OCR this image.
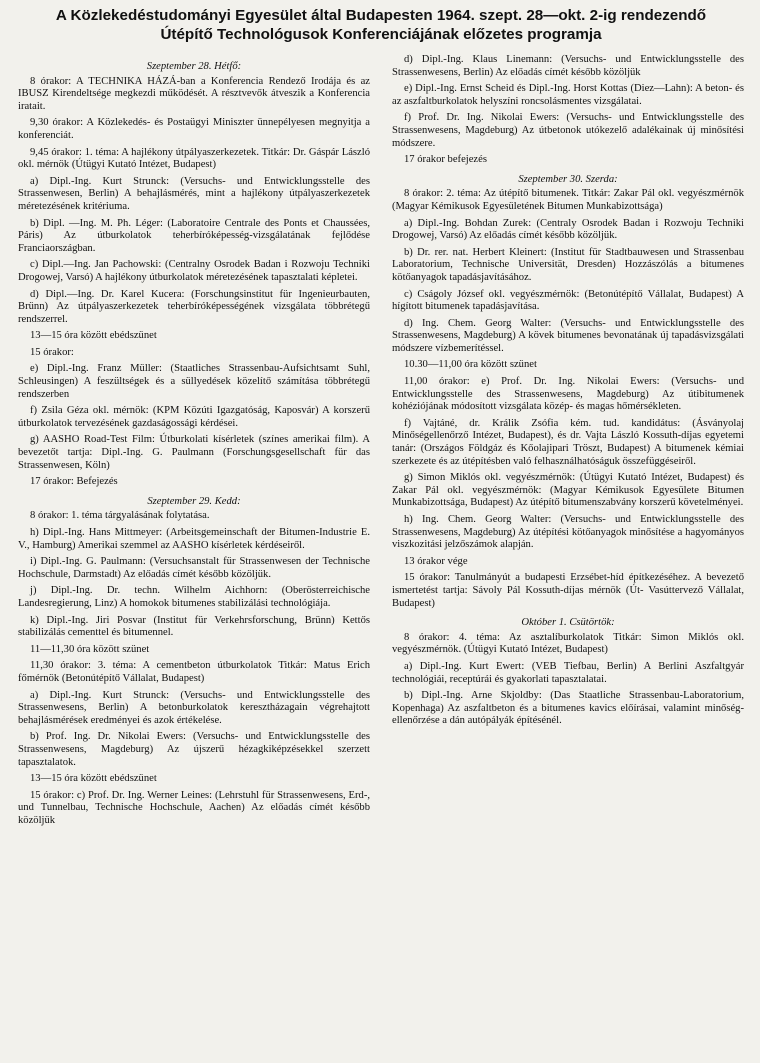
A Közlekedéstudományi Egyesület által Budapesten 1964. szept. 28—okt. 2-ig rendezendő
Útépítő Technológusok Konferenciájának előzetes programja
Szeptember 28. Hétfő:

8 órakor: A TECHNIKA HÁZÁ-ban a Konferencia Rendező Irodája és az IBUSZ Kirendeltsége megkezdi működését. A résztvevők átveszik a Konferencia iratait.

9,30 órakor: A Közlekedés- és Postaügyi Miniszter ünnepélyesen megnyitja a konferenciát.

9,45 órakor: 1. téma: A hajlékony útpályaszerkezetek. Titkár: Dr. Gáspár László okl. mérnök (Útügyi Kutató Intézet, Budapest)

a) Dipl.-Ing. Kurt Strunck: (Versuchs- und Entwicklungsstelle des Strassenwesen, Berlin) A behajlásmérés, mint a hajlékony útpályaszerkezetek méretezésének kritériuma.

b) Dipl. —Ing. M. Ph. Léger: (Laboratoire Centrale des Ponts et Chaussées, Páris) Az útburkolatok teherbíróképesség-vizsgálatának fejlődése Franciaországban.

c) Dipl.—Ing. Jan Pachowski: (Centralny Osrodek Badan i Rozwoju Techniki Drogowej, Varsó) A hajlékony útburkolatok méretezésének tapasztalati képletei.

d) Dipl.—Ing. Dr. Karel Kucera: (Forschungsinstitut für Ingenieurbauten, Brünn) Az útpályaszerkezetek teherbíróképességének vizsgálata többrétegű rendszerrel.

13—15 óra között ebédszünet

15 órakor:

e) Dipl.-Ing. Franz Müller: (Staatliches Strassenbau-Aufsichtsamt Suhl, Schleusingen) A feszültségek és a süllyedések közelítő számítása többrétegű rendszerben

f) Zsila Géza okl. mérnök: (KPM Közúti Igazgatóság, Kaposvár) A korszerű útburkolatok tervezésének gazdaságossági kérdései.

g) AASHO Road-Test Film: Útburkolati kísérletek (színes amerikai film). A bevezetőt tartja: Dipl.-Ing. G. Paulmann (Forschungsgesellschaft für das Strassenwesen, Köln)

17 órakor: Befejezés

Szeptember 29. Kedd:

8 órakor: 1. téma tárgyalásának folytatása.

h) Dipl.-Ing. Hans Mittmeyer: (Arbeitsgemeinschaft der Bitumen-Industrie E. V., Hamburg) Amerikai szemmel az AASHO kísérletek kérdéseiről.

i) Dipl.-Ing. G. Paulmann: (Versuchsanstalt für Strassenwesen der Technische Hochschule, Darmstadt) Az előadás címét később közöljük.

j) Dipl.-Ing. Dr. techn. Wilhelm Aichhorn: (Oberösterreichische Landesregierung, Linz) A homokok bitumenes stabilizálási technológiája.

k) Dipl.-Ing. Jiri Posvar (Institut für Verkehrsforschung, Brünn) Kettős stabilizálás cementtel és bitumennel.

11—11,30 óra között szünet

11,30 órakor: 3. téma: A cementbeton útburkolatok Titkár: Matus Erich főmérnök (Betonútépítő Vállalat, Budapest)

a) Dipl.-Ing. Kurt Strunck: (Versuchs- und Entwicklungsstelle des Strassenwesens, Berlin) A betonburkolatok keresztházagain végrehajtott behajlásmérések eredményei és azok értékelése.

b) Prof. Ing. Dr. Nikolai Ewers: (Versuchs- und Entwicklungsstelle des Strassenwesens, Magdeburg) Az újszerű hézagkiképzésekkel szerzett tapasztalatok.

13—15 óra között ebédszünet

15 órakor: c) Prof. Dr. Ing. Werner Leines: (Lehrstuhl für Strassenwesens, Erd-, und Tunnelbau, Technische Hochschule, Aachen) Az előadás címét később közöljük

d) Dipl.-Ing. Klaus Linemann: (Versuchs- und Entwicklungsstelle des Strassenwesens, Berlin) Az előadás címét később közöljük

e) Dipl.-Ing. Ernst Scheid és Dipl.-Ing. Horst Kottas (Diez—Lahn): A beton- és az aszfaltburkolatok helyszíni roncsolásmentes vizsgálatai.

f) Prof. Dr. Ing. Nikolai Ewers: (Versuchs- und Entwicklungsstelle des Strassenwesens, Magdeburg) Az útbetonok utókezelő adalékainak új minősítési módszere.

17 órakor befejezés

Szeptember 30. Szerda:

8 órakor: 2. téma: Az útépítő bitumenek. Titkár: Zakar Pál okl. vegyészmérnök (Magyar Kémikusok Egyesületének Bitumen Munkabizottsága)

a) Dipl.-Ing. Bohdan Zurek: (Centraly Osrodek Badan i Rozwoju Techniki Drogowej, Varsó) Az előadás címét később közöljük.

b) Dr. rer. nat. Herbert Kleinert: (Institut für Stadtbauwesen und Strassenbau Laboratorium, Technische Universität, Dresden) Hozzászólás a bitumenes kötőanyagok tapadásjavításához.

c) Cságoly József okl. vegyészmérnök: (Betonútépítő Vállalat, Budapest) A hígított bitumenek tapadásjavítása.

d) Ing. Chem. Georg Walter: (Versuchs- und Entwicklungsstelle des Strassenwesens, Magdeburg) A kövek bitumenes bevonatának új tapadásvizsgálati módszere vízbemerítéssel.

10.30—11,00 óra között szünet

11,00 órakor: e) Prof. Dr. Ing. Nikolai Ewers: (Versuchs- und Entwicklungsstelle des Strassenwesens, Magdeburg) Az útibitumenek kohéziójának módosított vizsgálata közép- és magas hőmérsékleten.

f) Vajtáné, dr. Králik Zsófia kém. tud. kandidátus: (Ásványolaj Minőségellenőrző Intézet, Budapest), és dr. Vajta László Kossuth-díjas egyetemi tanár: (Országos Földgáz és Kőolajipari Tröszt, Budapest) A bitumenek kémiai szerkezete és az útépítésben való felhasználhatóságuk összefüggéseiről.

g) Simon Miklós okl. vegyészmérnök: (Útügyi Kutató Intézet, Budapest) és Zakar Pál okl. vegyészmérnök: (Magyar Kémikusok Egyesülete Bitumen Munkabizottsága, Budapest) Az útépítő bitumenszabvány korszerű követelményei.

h) Ing. Chem. Georg Walter: (Versuchs- und Entwicklungsstelle des Strassenwesens, Magdeburg) Az útépítési kötőanyagok minősítése a hagyományos viszkozitási jelzőszámok alapján.

13 órakor vége

15 órakor: Tanulmányút a budapesti Erzsébet-híd építkezéséhez. A bevezető ismertetést tartja: Sávoly Pál Kossuth-díjas mérnök (Út- Vasúttervező Vállalat, Budapest)

Október 1. Csütörtök:

8 órakor: 4. téma: Az asztalíburkolatok Titkár: Simon Miklós okl. vegyészmérnök. (Útügyi Kutató Intézet, Budapest)

a) Dipl.-Ing. Kurt Ewert: (VEB Tiefbau, Berlin) A Berlini Aszfaltgyár technológiái, receptúrái és gyakorlati tapasztalatai.

b) Dipl.-Ing. Arne Skjoldby: (Das Staatliche Strassenbau-Laboratorium, Kopenhaga) Az aszfaltbeton és a bitumenes kavics előírásai, valamint minőség-ellenőrzése a dán autópályák építésénél.
